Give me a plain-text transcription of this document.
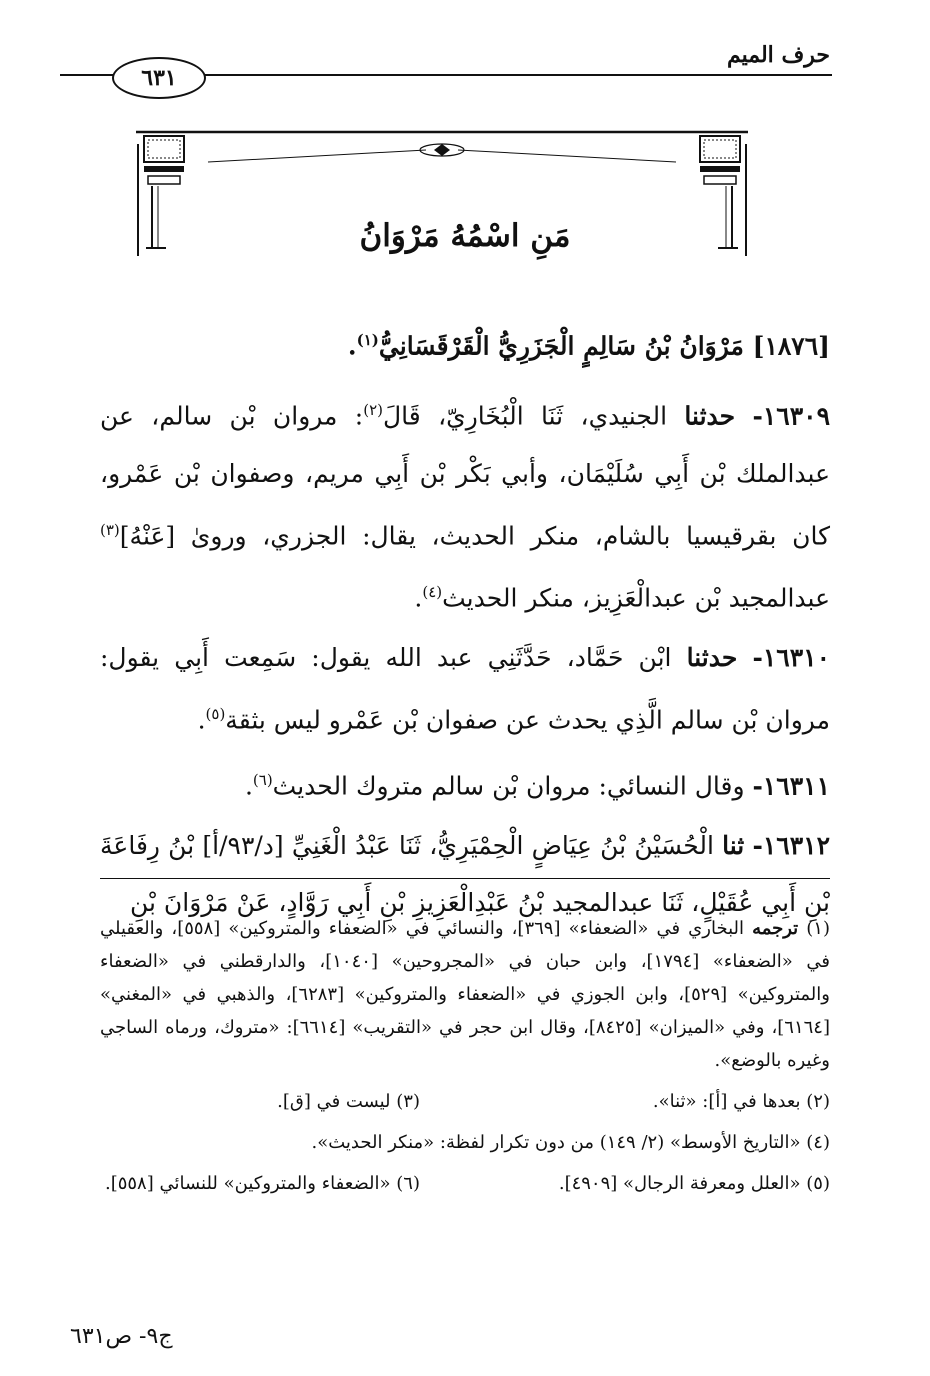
حرف الميم
٦٣١
مَنِ اسْمُهُ مَرْوَانُ

[١٨٧٦] مَرْوَانُ بْنُ سَالِمٍ الْجَزَرِيُّ الْقَرْقَسَانِيُّ$^{(١)}$.

١٦٣٠٩- حدثنا الجنيدي، ثَنَا الْبُخَارِيّ، قَالَ$^{(٢)}$: مروان بْن سالم، عن عبدالملك بْن أَبِي سُلَيْمَان، وأبي بَكْر بْن أَبِي مريم، وصفوان بْن عَمْرو، كان بقرقيسيا بالشام، منكر الحديث، يقال: الجزري، وروىٰ [عَنْهُ]$^{(٣)}$ عبدالمجيد بْن عبدالْعَزِيز، منكر الحديث$^{(٤)}$.

١٦٣١٠- حدثنا ابْن حَمَّاد، حَدَّثَنِي عبد الله يقول: سَمِعت أَبِي يقول: مروان بْن سالم الَّذِي يحدث عن صفوان بْن عَمْرو ليس بثقة$^{(٥)}$.

١٦٣١١- وقال النسائي: مروان بْن سالم متروك الحديث$^{(٦)}$.

١٦٣١٢- ثنا الْحُسَيْنُ بْنُ عِيَاضٍ الْحِمْيَرِيُّ، ثَنَا عَبْدُ الْغَنِيِّ [د/٩٣/أ] بْنُ رِفَاعَةَ بْنِ أَبِي عُقَيْلٍ، ثَنَا عبدالمجيد بْنُ عَبْدِالْعَزِيزِ بْنِ أَبِي رَوَّادٍ، عَنْ مَرْوَانَ بْنِ

(١) ترجمه البخاري في «الضعفاء» [٣٦٩]، والنسائي في «الضعفاء والمتروكين» [٥٥٨]، والعقيلي في «الضعفاء» [١٧٩٤]، وابن حبان في «المجروحين» [١٠٤٠]، والدارقطني في «الضعفاء والمتروكين» [٥٢٩]، وابن الجوزي في «الضعفاء والمتروكين» [٦٢٨٣]، والذهبي في «المغني» [٦١٦٤]، وفي «الميزان» [٨٤٢٥]، وقال ابن حجر في «التقريب» [٦٦١٤]: «متروك، ورماه الساجي وغيره بالوضع».

(٢) بعدها في [أ]: «ثنا».
(٣) ليست في [ق].

(٤) «التاريخ الأوسط» (٢/ ١٤٩) من دون تكرار لفظة: «منكر الحديث».

(٥) «العلل ومعرفة الرجال» [٤٩٠٩].
(٦) «الضعفاء والمتروكين» للنسائي [٥٥٨].

ج٩- ص٦٣١
